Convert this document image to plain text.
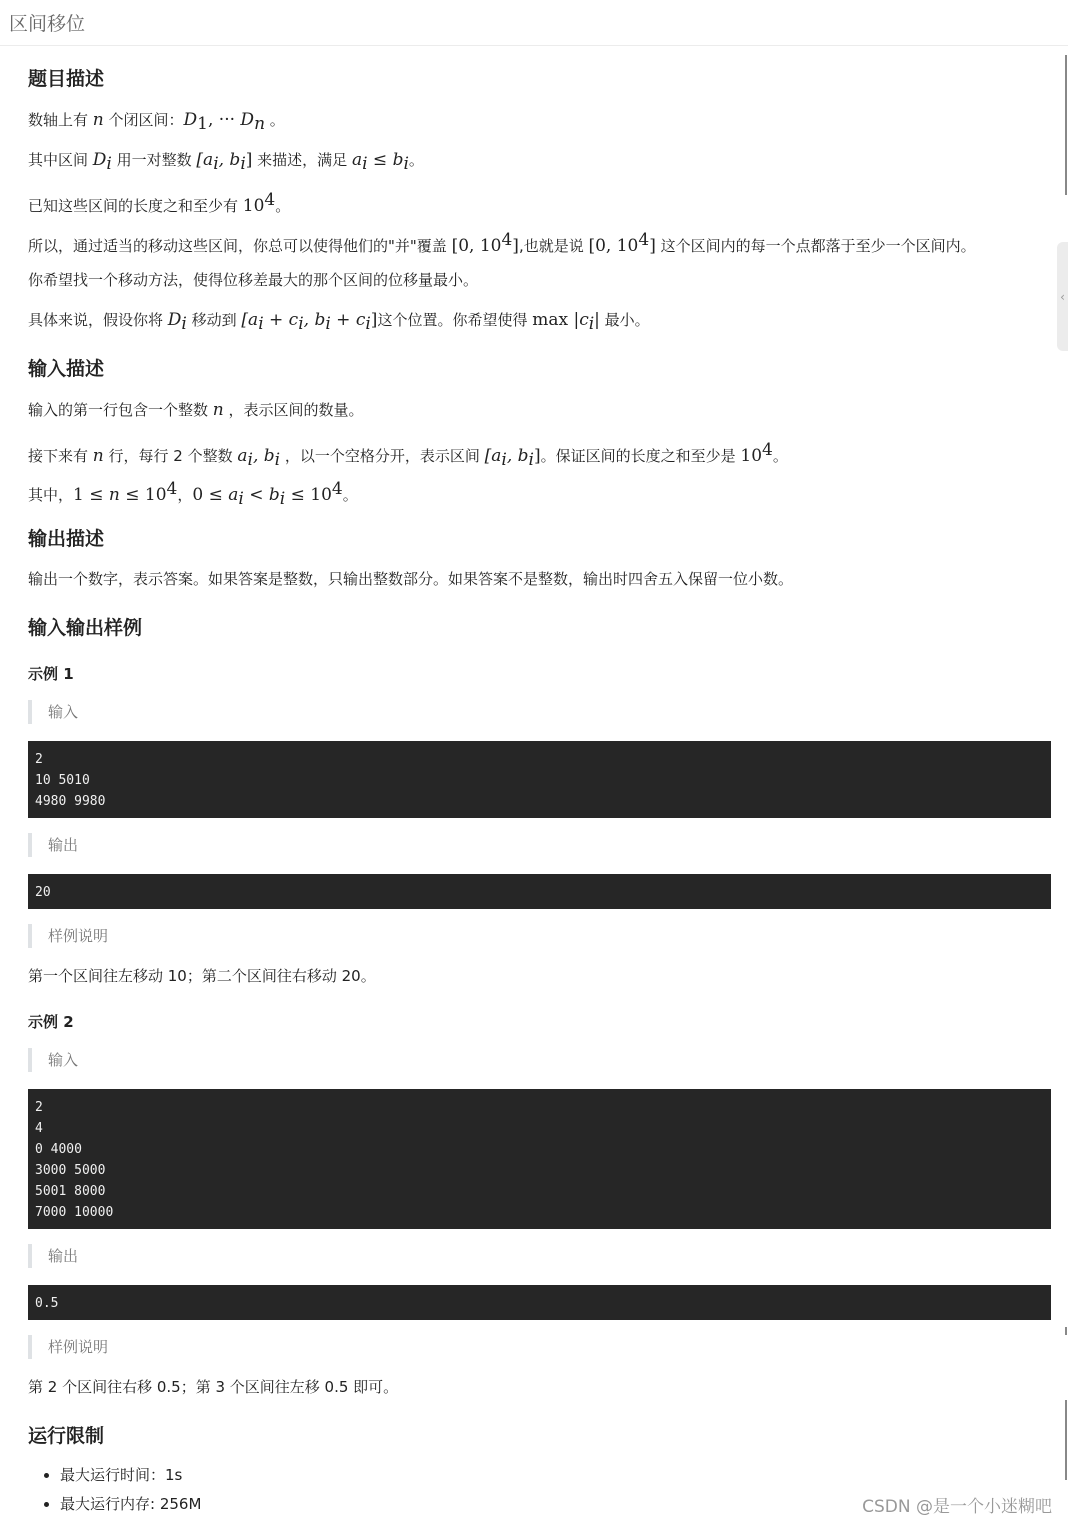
区间移位
题目描述

数轴上有 n 个闭区间：$D_1$, ··· $D_n$ 。

其中区间 $D_i$ 用一对整数 [$a_i$, $b_i$] 来描述，满足 $a_i \le b_i$。

已知这些区间的长度之和至少有 $10^4$。

所以，通过适当的移动这些区间，你总可以使得他们的"并"覆盖 [0, $10^4$],也就是说 [0, $10^4$] 这个区间内的每一个点都落于至少一个区间内。

你希望找一个移动方法，使得位移差最大的那个区间的位移量最小。

具体来说，假设你将 $D_i$ 移动到 [$a_i + c_i$, $b_i + c_i$]这个位置。你希望使得 $\max |c_i|$ 最小。

输入描述

输入的第一行包含一个整数 n ，表示区间的数量。

接下来有 n 行，每行 2 个整数 $a_i$, $b_i$ ，以一个空格分开，表示区间 [$a_i$, $b_i$]。保证区间的长度之和至少是 $10^4$。

其中，$1 \le n \le 10^4$，$0 \le a_i < b_i \le 10^4$。

输出描述

输出一个数字，表示答案。如果答案是整数，只输出整数部分。如果答案不是整数，输出时四舍五入保留一位小数。

输入输出样例
示例 1
输入
2
10 5010
4980 9980
输出
20
样例说明

第一个区间往左移动 10；第二个区间往右移动 20。

示例 2
输入
2
4
0 4000
3000 5000
5001 8000
7000 10000
输出
0.5
样例说明

第 2 个区间往右移 0.5；第 3 个区间往左移 0.5 即可。

运行限制
• 最大运行时间：1s
• 最大运行内存: 256M
‹
CSDN @是一个小迷糊吧
